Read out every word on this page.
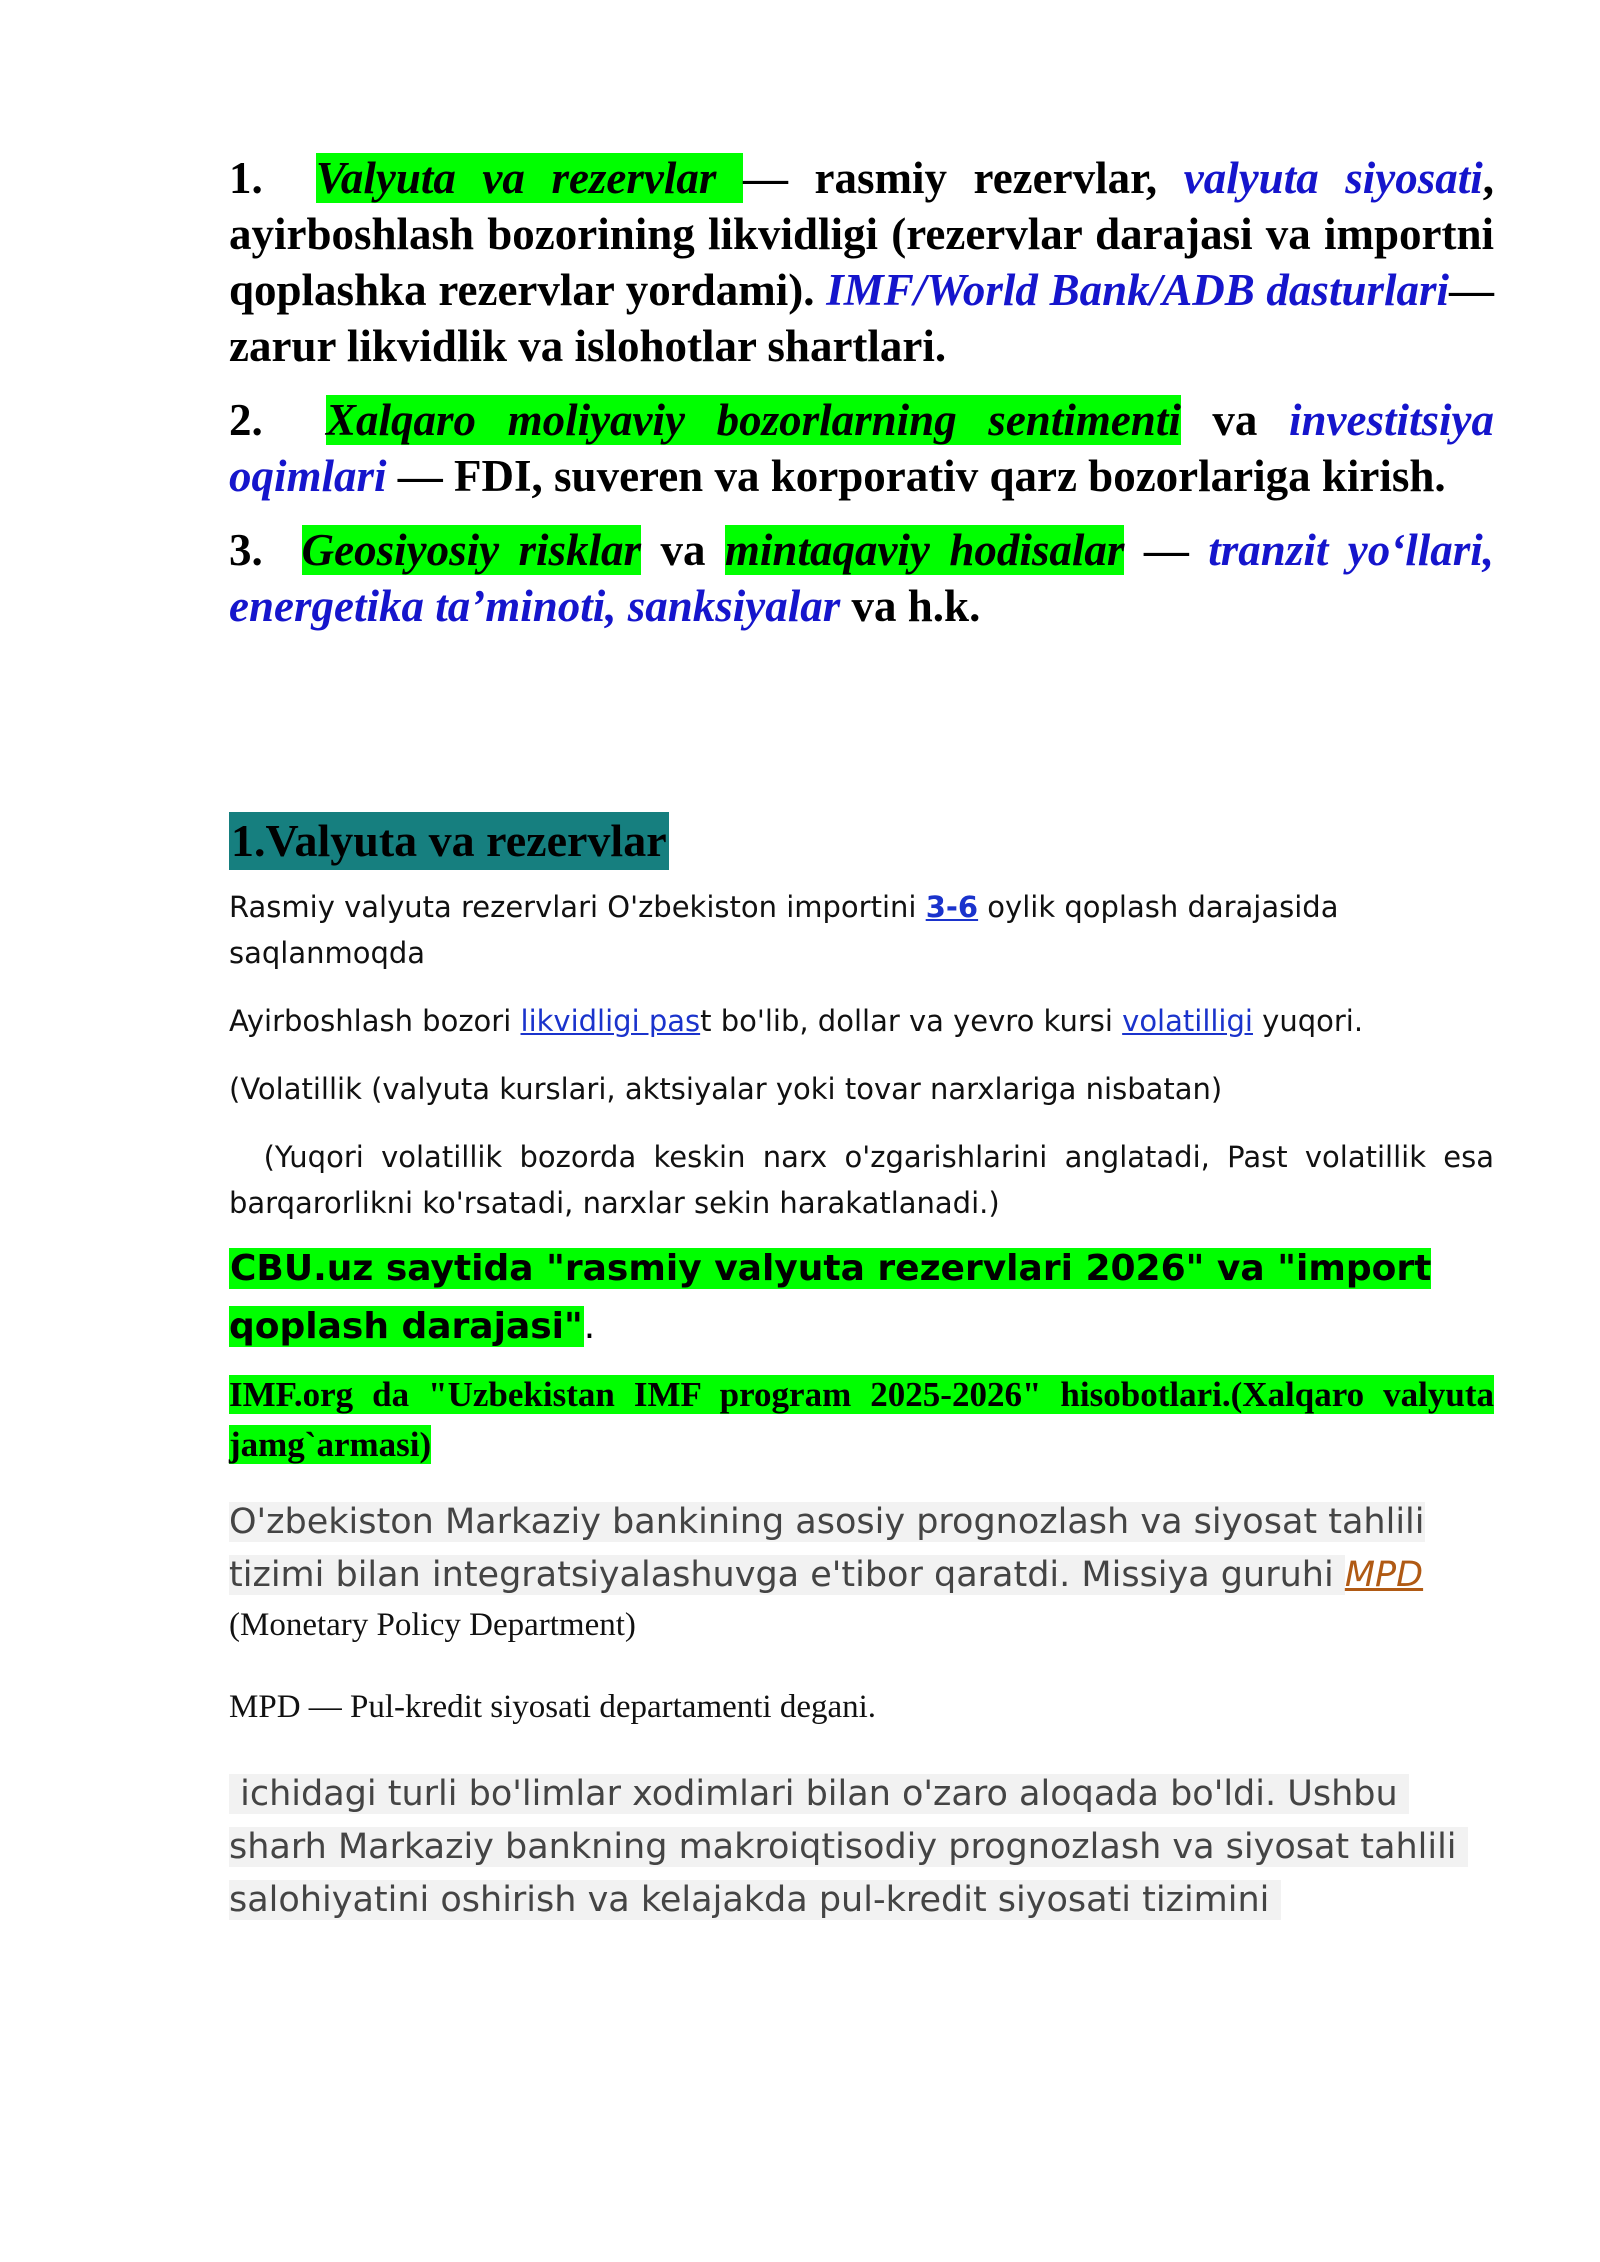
1. Valyuta va rezervlar — rasmiy rezervlar, valyuta siyosati, ayirboshlash bozorining likvidligi (rezervlar darajasi va importni qoplashka rezervlar yordami). IMF/World Bank/ADB dasturlari— zarur likvidlik va islohotlar shartlari.

2. Xalqaro moliyaviy bozorlarning sentimenti va investitsiya oqimlari — FDI, suveren va korporativ qarz bozorlariga kirish.

3. Geosiyosiy risklar va mintaqaviy hodisalar — tranzit yo‘llari, energetika ta’minoti, sanksiyalar va h.k.

1.Valyuta va rezervlar

Rasmiy valyuta rezervlari O'zbekiston importini 3-6 oylik qoplash darajasida saqlanmoqda

Ayirboshlash bozori likvidligi past bo'lib, dollar va yevro kursi volatilligi yuqori.

(Volatillik (valyuta kurslari, aktsiyalar yoki tovar narxlariga nisbatan)

(Yuqori volatillik bozorda keskin narx o'zgarishlarini anglatadi, Past volatillik esa barqarorlikni ko'rsatadi, narxlar sekin harakatlanadi.)

CBU.uz saytida "rasmiy valyuta rezervlari 2026" va "import qoplash darajasi".

IMF.org da "Uzbekistan IMF program 2025-2026" hisobotlari.(Xalqaro valyuta jamg`armasi)

O'zbekiston Markaziy bankining asosiy prognozlash va siyosat tahlili tizimi bilan integratsiyalashuvga e'tibor qaratdi. Missiya guruhi MPD

(Monetary Policy Department)

MPD — Pul-kredit siyosati departamenti degani.

ichidagi turli bo'limlar xodimlari bilan o'zaro aloqada bo'ldi. Ushbu sharh Markaziy bankning makroiqtisodiy prognozlash va siyosat tahlili salohiyatini oshirish va kelajakda pul-kredit siyosati tizimini
